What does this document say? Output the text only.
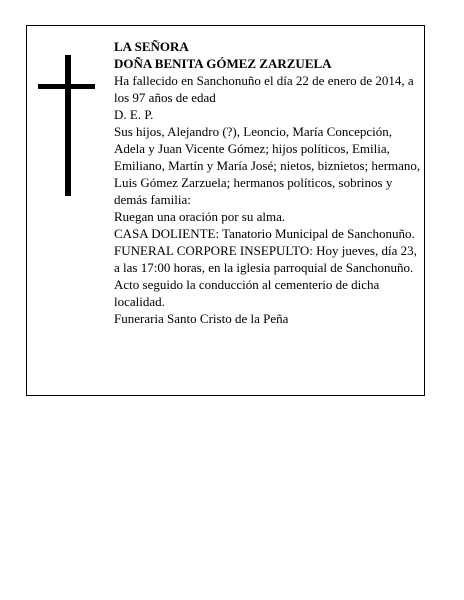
LA SEÑORA

DOÑA BENITA GÓMEZ ZARZUELA

Ha fallecido en Sanchonuño el día 22 de enero de 2014, a los 97 años de edad

D. E. P.

Sus hijos, Alejandro (?), Leoncio, María Concepción, Adela y Juan Vicente Gómez; hijos políticos, Emilia, Emiliano, Martín y María José; nietos, biznietos; hermano, Luis Gómez Zarzuela; hermanos políticos, sobrinos y demás familia:

Ruegan una oración por su alma.

CASA DOLIENTE: Tanatorio Municipal de Sanchonuño.

FUNERAL CORPORE INSEPULTO: Hoy jueves, día 23, a las 17:00 horas, en la iglesia parroquial de Sanchonuño. Acto seguido la conducción al cementerio de dicha localidad.

Funeraria Santo Cristo de la Peña
